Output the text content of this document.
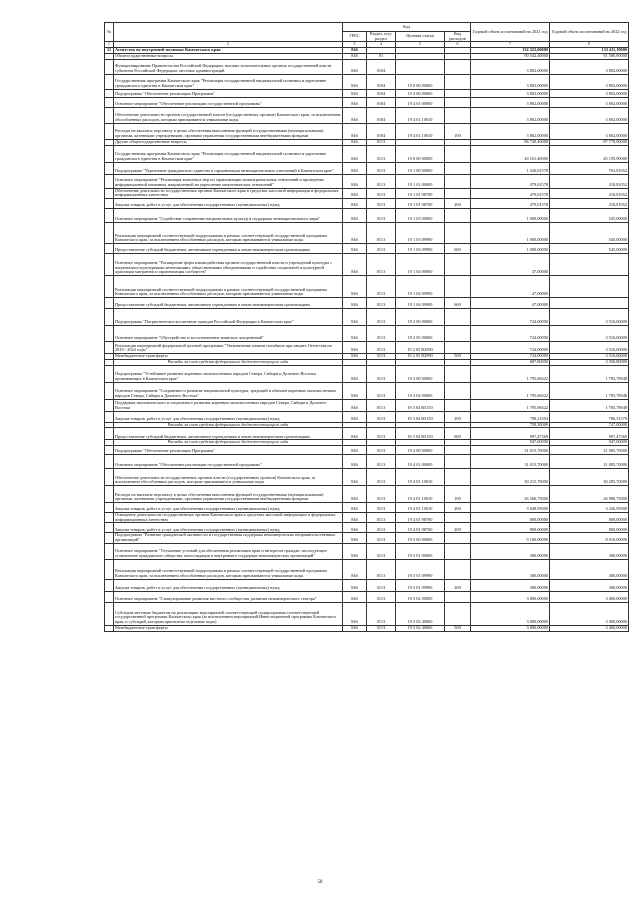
№		Код				Годовой объем ассигнований на 2021 год	Годовой объем ассигнований на 2022 год
		ГРБС	Раздел, под-раздел	Целевая статья	Вид расходов		
1	2	3	4	5	6	7	8
31	Агентство по внутренней политике Камчатского края	846				132 322,60000	133 411,10000
	Общегосударственные вопросы	846	01			90 542,40000	91 580,90000
	Функционирование Правительства Российской Федерации, высших исполнительных органов государственной власти субъектов Российской Федерации, местных администраций	846	0104			3 802,00000	3 802,00000
	Государственная программа Камчатского края "Реализация государственной национальной политики и укрепление гражданского единства в Камчатском крае"	846	0104	19 0 00 00000		3 802,00000	3 802,00000
	Подпрограмма "Обеспечение реализации Программы"	846	0104	19 4 00 00000		3 802,00000	3 802,00000
	Основное мероприятие "Обеспечение реализации государственной программы"	846	0104	19 4 01 00000		3 802,00000	3 802,00000
	Обеспечение деятельности органов государственной власти (государственных органов) Камчатского края, за исключением обособленных расходов, которым присваиваются уникальные коды	846	0104	19 4 01 10010		3 802,00000	3 802,00000
	Расходы на выплаты персоналу в целях обеспечения выполнения функций государственными (муниципальными) органами, казенными учреждениями, органами управления государственными внебюджетными фондами	846	0104	19 4 01 10010	100	3 802,00000	3 802,00000
	Другие общегосударственные вопросы	846	0113			86 740,40000	87 778,90000
	Государственная программа Камчатского края "Реализация государственной национальной политики и укрепление гражданского единства в Камчатском крае"	846	0113	19 0 00 00000		44 161,40000	45 159,90000
	Подпрограмма "Укрепление гражданского единства и гармонизация межнациональных отношений в Камчатском крае"	846	0113	19 1 00 00000		1 526,01578	763,81052
	Основное мероприятие "Реализация комплекса мер по гармонизации межнациональных отношений и проведение информационной кампании, направленной на укрепление межэтнических отношений"	846	0113	19 1 01 00000		479,01578	218,81052
	Обеспечение деятельности государственных органов Камчатского края в средствах массовой информации и федеральных информационных агентствах	846	0113	19 1 01 98700		479,01578	218,81052
	Закупка товаров, работ и услуг для обеспечения государственных (муниципальных) нужд	846	0113	19 1 01 98700	200	479,01578	218,81052
	Основное мероприятие "Содействие сохранению национальных культур и поддержка межнационального мира"	846	0113	19 1 03 00000		1 000,00000	545,00000
	Реализация мероприятий соответствующей подпрограммы в рамках соответствующей государственной программы Камчатского края, за исключением обособленных расходов, которым присваиваются уникальные коды	846	0113	19 1 03 09990		1 000,00000	545,00000
	Предоставление субсидий бюджетным, автономным учреждениям и иным некоммерческим организациям	846	0113	19 1 03 09990	600	1 000,00000	545,00000
	Основное мероприятие "Расширение форм взаимодействия органов государственной власти и учреждений культуры с национально-культурными автономиями, общественными объединениями и содействие социальной и культурной адаптации мигрантов и гармонизация сообществ"	846	0113	19 1 04 00000		47,00000	
	Реализация мероприятий соответствующей подпрограммы в рамках соответствующей государственной программы Камчатского края, за исключением обособленных расходов, которым присваиваются уникальные коды	846	0113	19 1 04 09990		47,00000	
	Предоставление субсидий бюджетным, автономным учреждениям и иным некоммерческим организациям	846	0113	19 1 04 09990	600	47,00000	
	Подпрограмма "Патриотическое воспитание граждан Российской Федерации в Камчатском крае"	846	0113	19 2 00 00000		724,00000	3 516,60000
	Основное мероприятие "Обустройство и восстановление воинских захоронений"	846	0113	19 2 05 00000		724,00000	3 516,60000
	Реализация мероприятий федеральной целевой программы "Увековечение памяти погибших при защите Отечества на 2019 - 2024 годы"	846	0113	19 2 05 R2990		724,00000	3 516,60000
	Межбюджетные трансферты	846	0113	19 2 05 R2990	500	724,00000	3 516,60000
	Расходы за счет средств федерального бюджета-текущего года					687,80000	3 356,80000
	Подпрограмма "Устойчивое развитие коренных малочисленных народов Севера, Сибири и Дальнего Востока, проживающих в Камчатском крае"	846	0113	19 3 00 00000		1 795,68422	1 783,78948
	Основное мероприятие "Сохранение и развитие национальной культуры, традиций и обычаев коренных малочисленных народов Севера, Сибири и Дальнего Востока"	846	0113	19 3 04 00000		1 795,68422	1 783,78948
	Поддержка экономического и социального развития коренных малочисленных народов Севера, Сибири и Дальнего Востока	846	0113	19 3 04 R5150		1 795,68422	1 783,78948
	Закупка товаров, работ и услуг для обеспечения государственных (муниципальных) нужд	846	0113	19 3 04 R5150	200	798,21053	786,31579
	Расходы за счет средств федерального бюджета-текущего года					758,30000	747,00000
	Предоставление субсидий бюджетным, автономным учреждениям и иным некоммерческим организациям	846	0113	19 3 04 R5150	600	997,47369	997,47369
	Расходы за счет средств федерального бюджета-текущего года					947,60000	947,60000
	Подпрограмма "Обеспечение реализации Программы"	846	0113	19 4 00 00000		31 015,70000	31 085,70000
	Основное мероприятие "Обеспечение реализации государственной программы"	846	0113	19 4 01 00000		31 015,70000	31 085,70000
	Обеспечение деятельности государственных органов власти (государственных органов) Камчатского края, за исключением обособленных расходов, которым присваиваются уникальные коды	846	0113	19 4 01 10010		30 215,70000	30 285,70000
	Расходы на выплаты персоналу в целях обеспечения выполнения функций государственными (муниципальными) органами, казенными учреждениями, органами управления государственными внебюджетными фондами	846	0113	19 4 01 10010	100	26 566,75000	26 988,75000
	Закупка товаров, работ и услуг для обеспечения государственных (муниципальных) нужд	846	0113	19 4 01 10010	200	3 648,95000	3 226,95000
	Освещение деятельности государственных органов Камчатского края в средствах массовой информации и федеральных информационных агентствах	846	0113	19 4 01 98700		800,00000	800,00000
	Закупка товаров, работ и услуг для обеспечения государственных (муниципальных) нужд	846	0113	19 4 01 98700	200	800,00000	800,00000
	Подпрограмма "Развитие гражданской активности и государственная поддержка некоммерческих неправительственных организаций"	846	0113	19 5 00 00000		9 100,00000	8 010,00000
	Основное мероприятие "Улучшение условий для обеспечения реализации прав и интересов граждан, последующее становление гражданского общества, консолидации и внутреннего поддержке некоммерческих организаций"	846	0113	19 5 01 00000		300,00000	300,00000
	Реализация мероприятий соответствующей подпрограммы в рамках соответствующей государственной программы Камчатского края, за исключением обособленных расходов, которым присваиваются уникальные коды	846	0113	19 5 01 09990		300,00000	300,00000
	Закупка товаров, работ и услуг для обеспечения государственных (муниципальных) нужд	846	0113	19 5 01 09990	200	300,00000	300,00000
	Основное мероприятие "Стимулирование развития местного сообщества, развития некоммерческого сектора"	846	0113	19 5 02 00000		3 800,00000	3 400,00000
	Субсидии местным бюджетам на реализацию мероприятий соответствующей подпрограммы соответствующей государственной программы Камчатского края (за исключением мероприятий Инвестиционной программы Камчатского края, и субсидий, которым присвоены отдельные коды)	846	0113	19 5 02 40060		3 800,00000	3 400,00000
	Межбюджетные трансферты	846	0113	19 5 02 40060	500	3 800,00000	3 400,00000
58
